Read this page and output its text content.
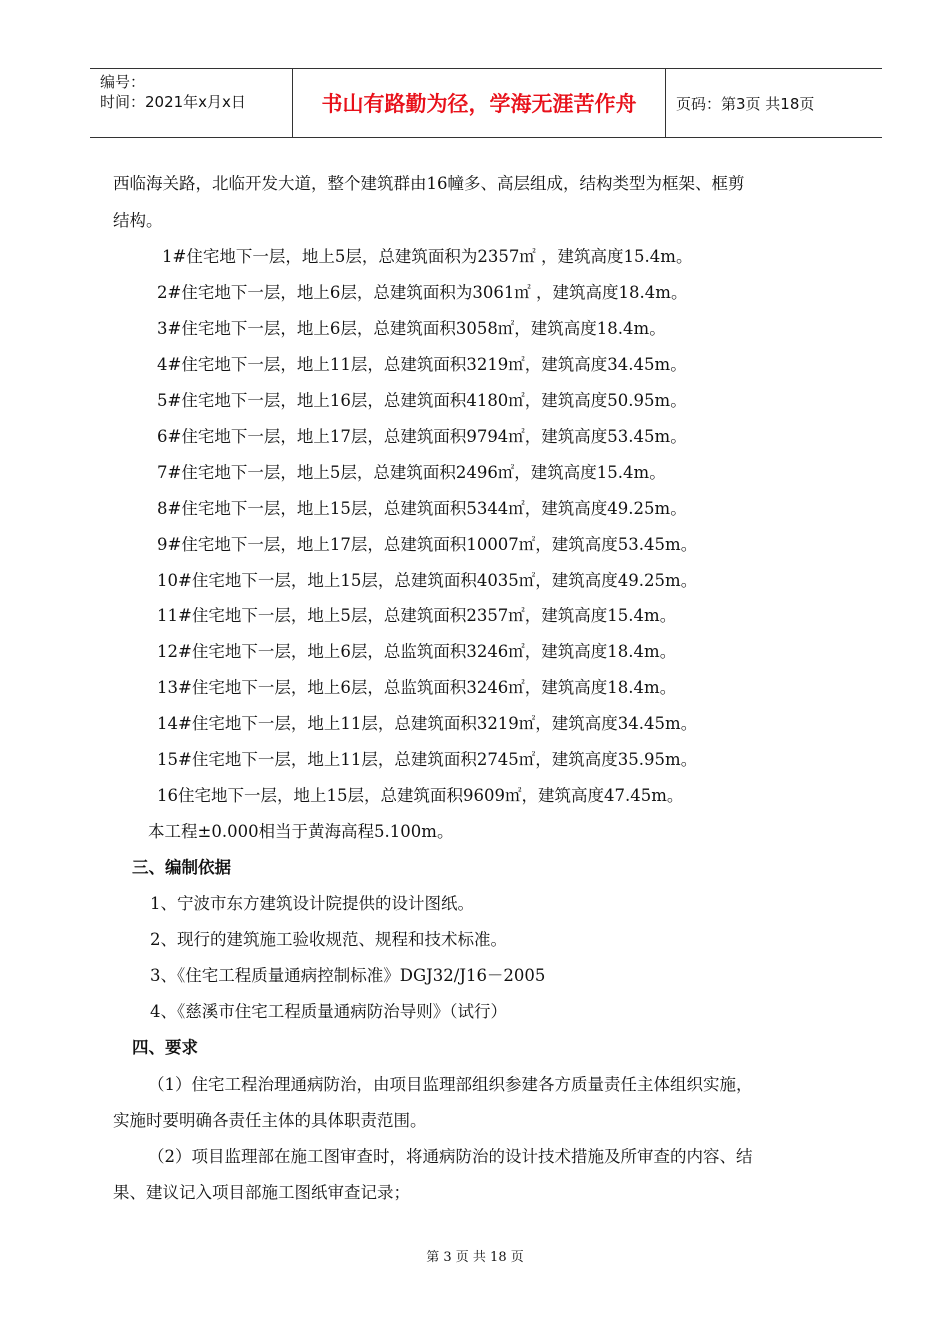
编号：
时间：2021年x月x日	书山有路勤为径，学海无涯苦作舟	页码：第3页 共18页
西临海关路，北临开发大道，整个建筑群由16幢多、高层组成，结构类型为框架、框剪
结构。
1#住宅地下一层，地上5层，总建筑面积为2357㎡ ，建筑高度15.4m。
2#住宅地下一层，地上6层，总建筑面积为3061㎡ ，建筑高度18.4m。
3#住宅地下一层，地上6层，总建筑面积3058㎡，建筑高度18.4m。
4#住宅地下一层，地上11层，总建筑面积3219㎡，建筑高度34.45m。
5#住宅地下一层，地上16层，总建筑面积4180㎡，建筑高度50.95m。
6#住宅地下一层，地上17层，总建筑面积9794㎡，建筑高度53.45m。
7#住宅地下一层，地上5层，总建筑面积2496㎡，建筑高度15.4m。
8#住宅地下一层，地上15层，总建筑面积5344㎡，建筑高度49.25m。
9#住宅地下一层，地上17层，总建筑面积10007㎡，建筑高度53.45m。
10#住宅地下一层，地上15层，总建筑面积4035㎡，建筑高度49.25m。
11#住宅地下一层，地上5层，总建筑面积2357㎡，建筑高度15.4m。
12#住宅地下一层，地上6层，总监筑面积3246㎡，建筑高度18.4m。
13#住宅地下一层，地上6层，总监筑面积3246㎡，建筑高度18.4m。
14#住宅地下一层，地上11层，总建筑面积3219㎡，建筑高度34.45m。
15#住宅地下一层，地上11层，总建筑面积2745㎡，建筑高度35.95m。
16住宅地下一层，地上15层，总建筑面积9609㎡，建筑高度47.45m。
本工程±0.000相当于黄海高程5.100m。
三、编制依据
1、宁波市东方建筑设计院提供的设计图纸。
2、现行的建筑施工验收规范、规程和技术标准。
3、《住宅工程质量通病控制标准》DGJ32/J16－2005
4、《慈溪市住宅工程质量通病防治导则》（试行）
四、要求
（1）住宅工程治理通病防治，由项目监理部组织参建各方质量责任主体组织实施，
实施时要明确各责任主体的具体职责范围。
（2）项目监理部在施工图审查时，将通病防治的设计技术措施及所审查的内容、结
果、建议记入项目部施工图纸审查记录；
第 3 页 共 18 页
